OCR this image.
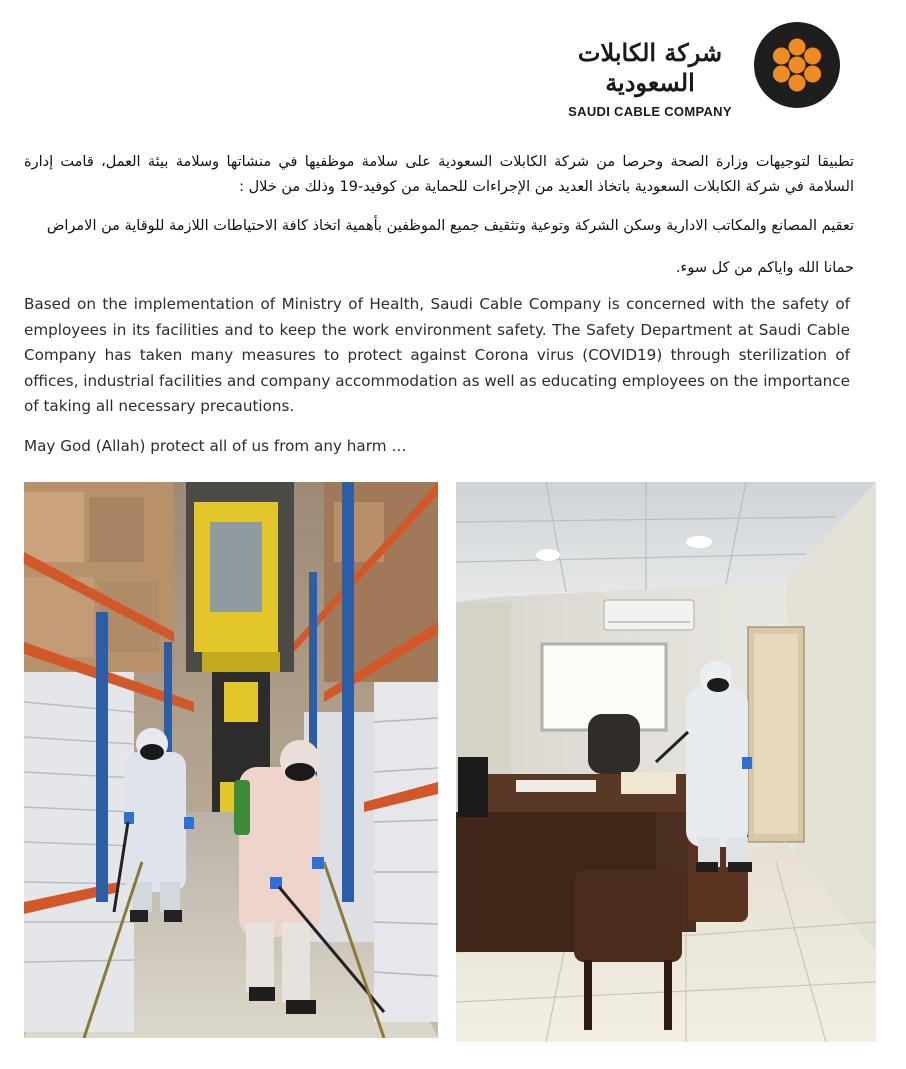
شركة الكابلات السعودية
SAUDI CABLE COMPANY
تطبيقا لتوجيهات وزارة الصحة وحرصا من شركة الكابلات السعودية على سلامة موظفيها في منشاتها وسلامة بيئة العمل، قامت إدارة السلامة في شركة الكابلات السعودية باتخاذ العديد من الإجراءات للحماية من كوفيد-19 وذلك من خلال :
تعقيم المصانع والمكاتب الادارية وسكن الشركة وتوعية وتثقيف جميع الموظفين بأهمية اتخاذ كافة الاحتياطات اللازمة للوقاية من الامراض
حمانا الله واياكم من كل سوء.
Based on the implementation of Ministry of Health, Saudi Cable Company is concerned with the safety of employees in its facilities and to keep the work environment safety. The Safety Department at Saudi Cable Company has taken many measures to protect against Corona virus (COVID19) through sterilization of offices, industrial facilities and company accommodation as well as educating employees on the importance of taking all necessary precautions.
May God (Allah) protect all of us from any harm …
